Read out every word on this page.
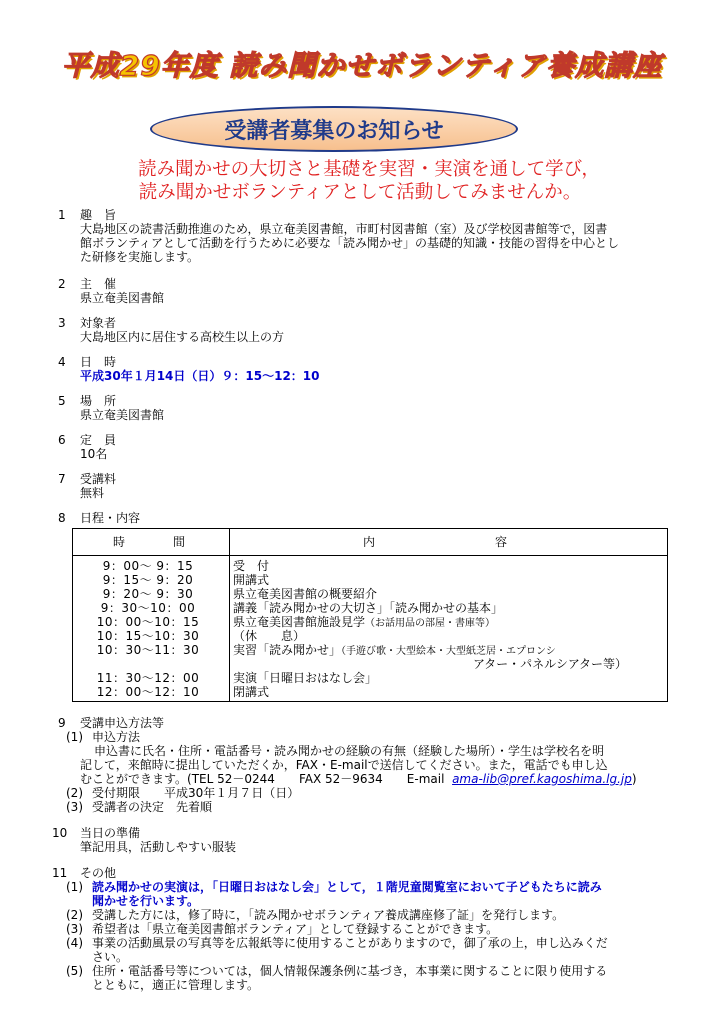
平成29年度 読み聞かせボランティア養成講座
受講者募集のお知らせ
読み聞かせの大切さと基礎を実習・実演を通して学び，
読み聞かせボランティアとして活動してみませんか。
1 趣　旨
大島地区の読書活動推進のため，県立奄美図書館，市町村図書館（室）及び学校図書館等で，図書
館ボランティアとして活動を行うために必要な「読み聞かせ」の基礎的知識・技能の習得を中心とし
た研修を実施します。
2 主　催
県立奄美図書館
3 対象者
大島地区内に居住する高校生以上の方
4 日　時
平成30年１月14日（日）９：15～12：10
5 場　所
県立奄美図書館
6 定　員
10名
7 受講料
無料
8 日程・内容
時　　　　間	内　　　　　　　　　　容
9：00～ 9：15	受　付
9：15～ 9：20	開講式
9：20～ 9：30	県立奄美図書館の概要紹介
9：30～10：00	講義「読み聞かせの大切さ」「読み聞かせの基本」
10：00～10：15	県立奄美図書館施設見学（お話用品の部屋・書庫等）
10：15～10：30	（休　　息）
10：30～11：30	実習「読み聞かせ」（手遊び歌・大型絵本・大型紙芝居・エプロンシ
アター・パネルシアター等）
11：30～12：00	実演「日曜日おはなし会」
12：00～12：10	閉講式
9 受講申込方法等
(1) 申込方法
申込書に氏名・住所・電話番号・読み聞かせの経験の有無（経験した場所）・学生は学校名を明
記して，来館時に提出していただくか，FAX・E-mailで送信してください。また，電話でも申し込
むことができます。(TEL 52－0244　　FAX 52－9634　　E-mail ama-lib@pref.kagoshima.lg.jp)
(2) 受付期限　　平成30年１月７日（日）
(3) 受講者の決定　先着順
10 当日の準備
筆記用具，活動しやすい服装
11 その他
(1) 読み聞かせの実演は，「日曜日おはなし会」として，１階児童閲覧室において子どもたちに読み
聞かせを行います。
(2) 受講した方には，修了時に，「読み聞かせボランティア養成講座修了証」を発行します。
(3) 希望者は「県立奄美図書館ボランティア」として登録することができます。
(4) 事業の活動風景の写真等を広報紙等に使用することがありますので，御了承の上，申し込みくだ
さい。
(5) 住所・電話番号等については，個人情報保護条例に基づき，本事業に関することに限り使用する
とともに，適正に管理します。
